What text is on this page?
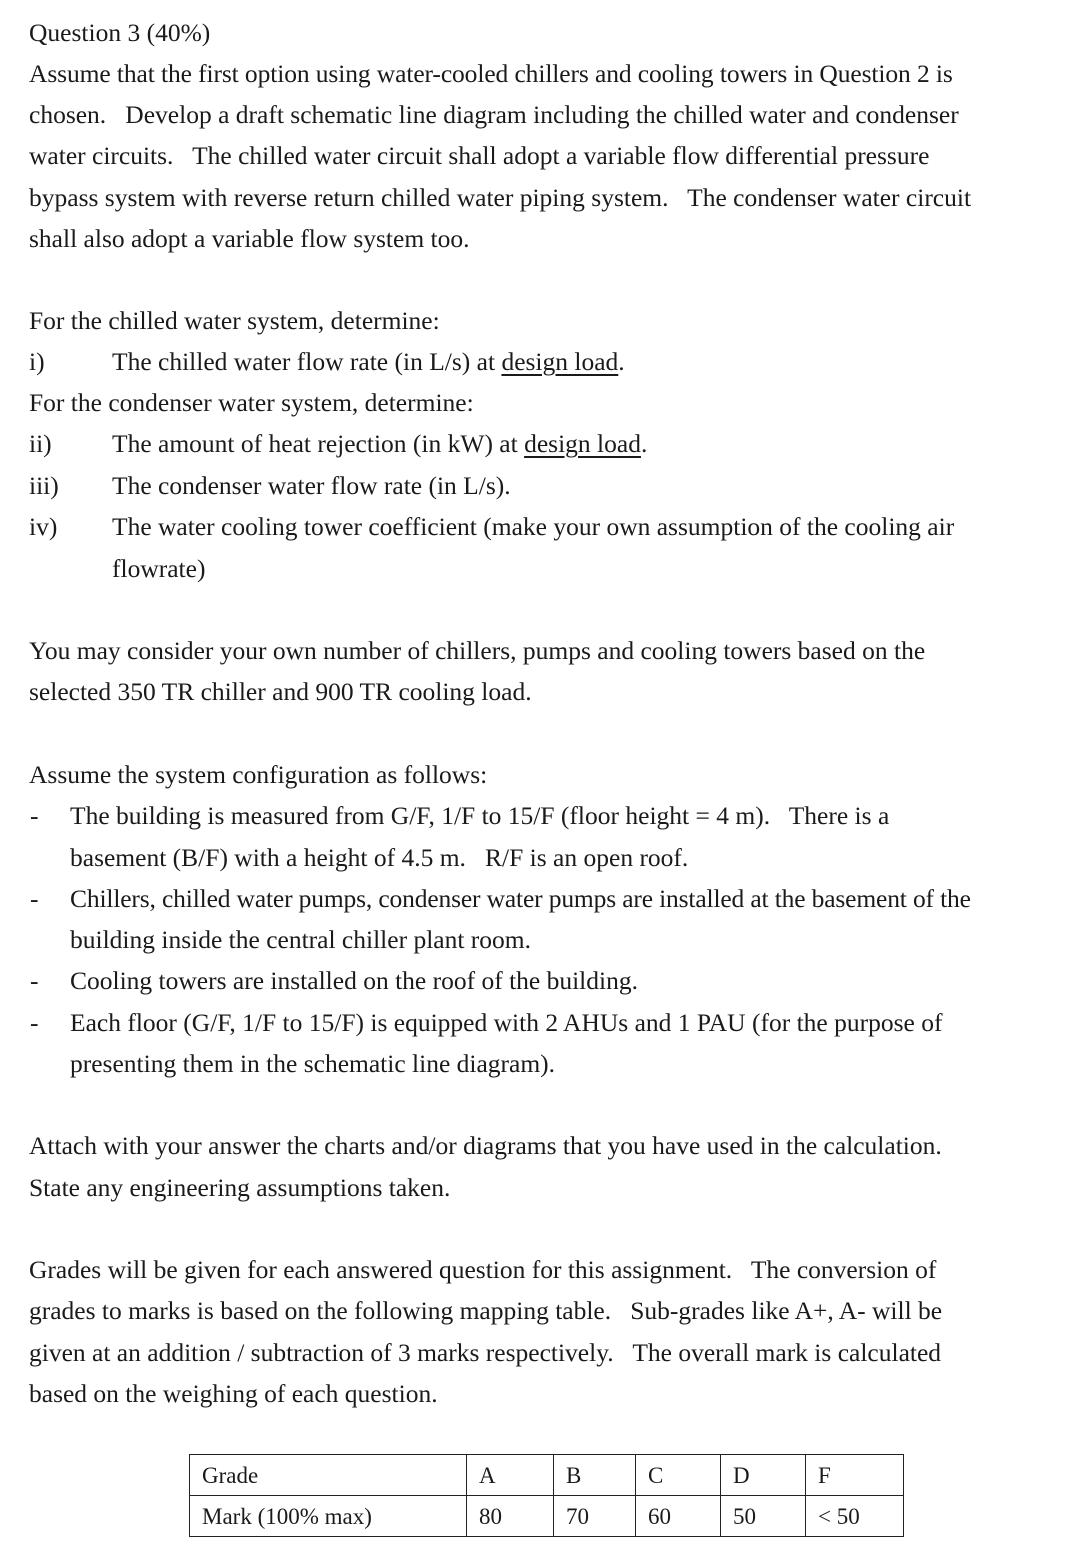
Question 3 (40%)
Assume that the first option using water-cooled chillers and cooling towers in Question 2 is
chosen.   Develop a draft schematic line diagram including the chilled water and condenser
water circuits.   The chilled water circuit shall adopt a variable flow differential pressure
bypass system with reverse return chilled water piping system.   The condenser water circuit
shall also adopt a variable flow system too.
For the chilled water system, determine:
i)	The chilled water flow rate (in L/s) at design load.
For the condenser water system, determine:
ii) The amount of heat rejection (in kW) at design load.
iii) The condenser water flow rate (in L/s).
iv) The water cooling tower coefficient (make your own assumption of the cooling air
flowrate)
You may consider your own number of chillers, pumps and cooling towers based on the
selected 350 TR chiller and 900 TR cooling load.
Assume the system configuration as follows:
- The building is measured from G/F, 1/F to 15/F (floor height = 4 m).   There is a
basement (B/F) with a height of 4.5 m.   R/F is an open roof.
- Chillers, chilled water pumps, condenser water pumps are installed at the basement of the
building inside the central chiller plant room.
- Cooling towers are installed on the roof of the building.
- Each floor (G/F, 1/F to 15/F) is equipped with 2 AHUs and 1 PAU (for the purpose of
presenting them in the schematic line diagram).
Attach with your answer the charts and/or diagrams that you have used in the calculation.
State any engineering assumptions taken.
Grades will be given for each answered question for this assignment.   The conversion of
grades to marks is based on the following mapping table.   Sub-grades like A+, A- will be
given at an addition / subtraction of 3 marks respectively.   The overall mark is calculated
based on the weighing of each question.
Grade	A	B	C	D	F
Mark (100% max)	80	70	60	50	< 50
